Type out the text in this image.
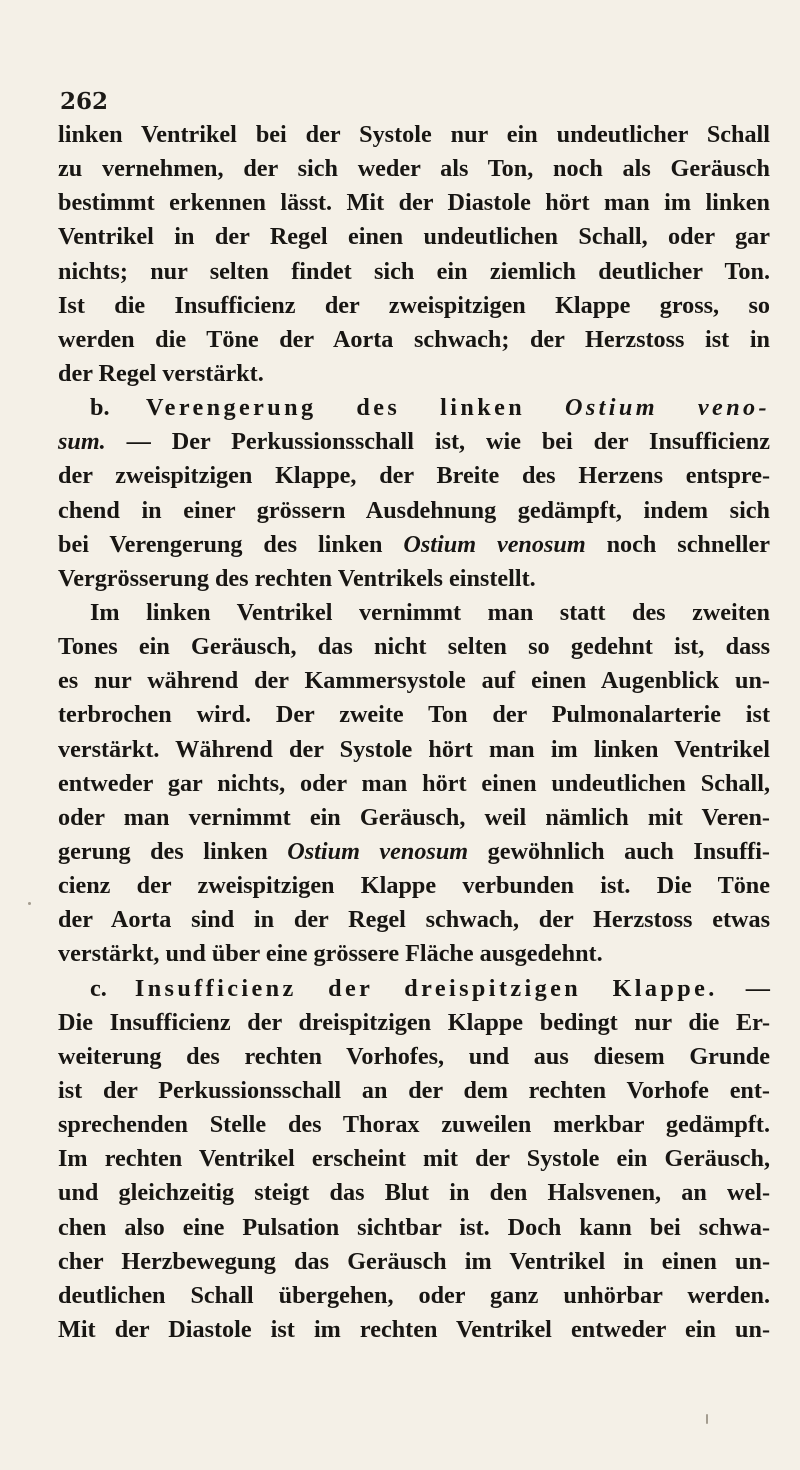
262
linken Ventrikel bei der Systole nur ein undeutlicher Schall
zu vernehmen, der sich weder als Ton, noch als Geräusch
bestimmt erkennen lässt. Mit der Diastole hört man im linken
Ventrikel in der Regel einen undeutlichen Schall, oder gar
nichts; nur selten findet sich ein ziemlich deutlicher Ton.
Ist die Insufficienz der zweispitzigen Klappe gross, so
werden die Töne der Aorta schwach; der Herzstoss ist in
der Regel verstärkt.
b. Verengerung des linken Ostium veno-
sum. — Der Perkussionsschall ist, wie bei der Insufficienz
der zweispitzigen Klappe, der Breite des Herzens entspre-
chend in einer grössern Ausdehnung gedämpft, indem sich
bei Verengerung des linken Ostium venosum noch schneller
Vergrösserung des rechten Ventrikels einstellt.
Im linken Ventrikel vernimmt man statt des zweiten
Tones ein Geräusch, das nicht selten so gedehnt ist, dass
es nur während der Kammersystole auf einen Augenblick un-
terbrochen wird. Der zweite Ton der Pulmonalarterie ist
verstärkt. Während der Systole hört man im linken Ventrikel
entweder gar nichts, oder man hört einen undeutlichen Schall,
oder man vernimmt ein Geräusch, weil nämlich mit Veren-
gerung des linken Ostium venosum gewöhnlich auch Insuffi-
cienz der zweispitzigen Klappe verbunden ist. Die Töne
der Aorta sind in der Regel schwach, der Herzstoss etwas
verstärkt, und über eine grössere Fläche ausgedehnt.
c. Insufficienz der dreispitzigen Klappe. —
Die Insufficienz der dreispitzigen Klappe bedingt nur die Er-
weiterung des rechten Vorhofes, und aus diesem Grunde
ist der Perkussionsschall an der dem rechten Vorhofe ent-
sprechenden Stelle des Thorax zuweilen merkbar gedämpft.
Im rechten Ventrikel erscheint mit der Systole ein Geräusch,
und gleichzeitig steigt das Blut in den Halsvenen, an wel-
chen also eine Pulsation sichtbar ist. Doch kann bei schwa-
cher Herzbewegung das Geräusch im Ventrikel in einen un-
deutlichen Schall übergehen, oder ganz unhörbar werden.
Mit der Diastole ist im rechten Ventrikel entweder ein un-
